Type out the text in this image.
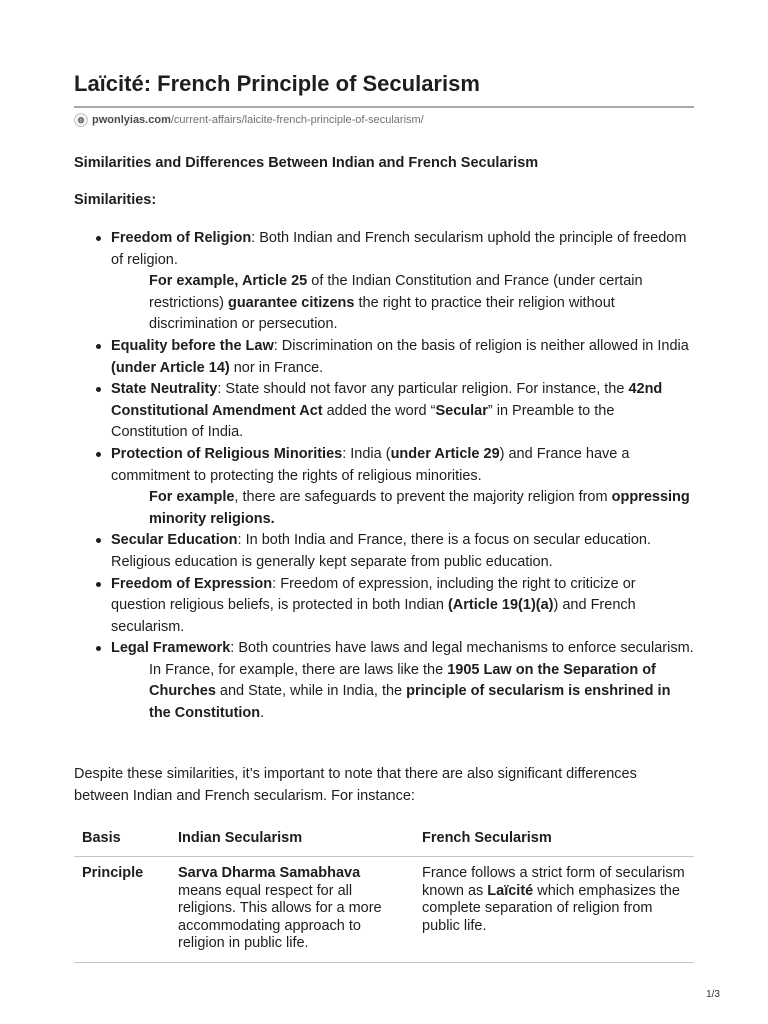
Laïcité: French Principle of Secularism
⚙ pwonlyias.com /current-affairs/laicite-french-principle-of-secularism/
Similarities and Differences Between Indian and French Secularism
Similarities:
Freedom of Religion: Both Indian and French secularism uphold the principle of freedom of religion.
For example, Article 25 of the Indian Constitution and France (under certain restrictions) guarantee citizens the right to practice their religion without discrimination or persecution.
Equality before the Law: Discrimination on the basis of religion is neither allowed in India (under Article 14) nor in France.
State Neutrality: State should not favor any particular religion. For instance, the 42nd Constitutional Amendment Act added the word “Secular” in Preamble to the Constitution of India.
Protection of Religious Minorities: India (under Article 29) and France have a commitment to protecting the rights of religious minorities.
For example, there are safeguards to prevent the majority religion from oppressing minority religions.
Secular Education: In both India and France, there is a focus on secular education. Religious education is generally kept separate from public education.
Freedom of Expression: Freedom of expression, including the right to criticize or question religious beliefs, is protected in both Indian (Article 19(1)(a)) and French secularism.
Legal Framework: Both countries have laws and legal mechanisms to enforce secularism.
In France, for example, there are laws like the 1905 Law on the Separation of Churches and State, while in India, the principle of secularism is enshrined in the Constitution.

Despite these similarities, it’s important to note that there are also significant differences between Indian and French secularism. For instance:

Basis	Indian Secularism	French Secularism
Principle	Sarva Dharma Samabhava
means equal respect for all religions. This allows for a more accommodating approach to religion in public life.	France follows a strict form of secularism known as Laïcité which emphasizes the complete separation of religion from public life.
1/3
